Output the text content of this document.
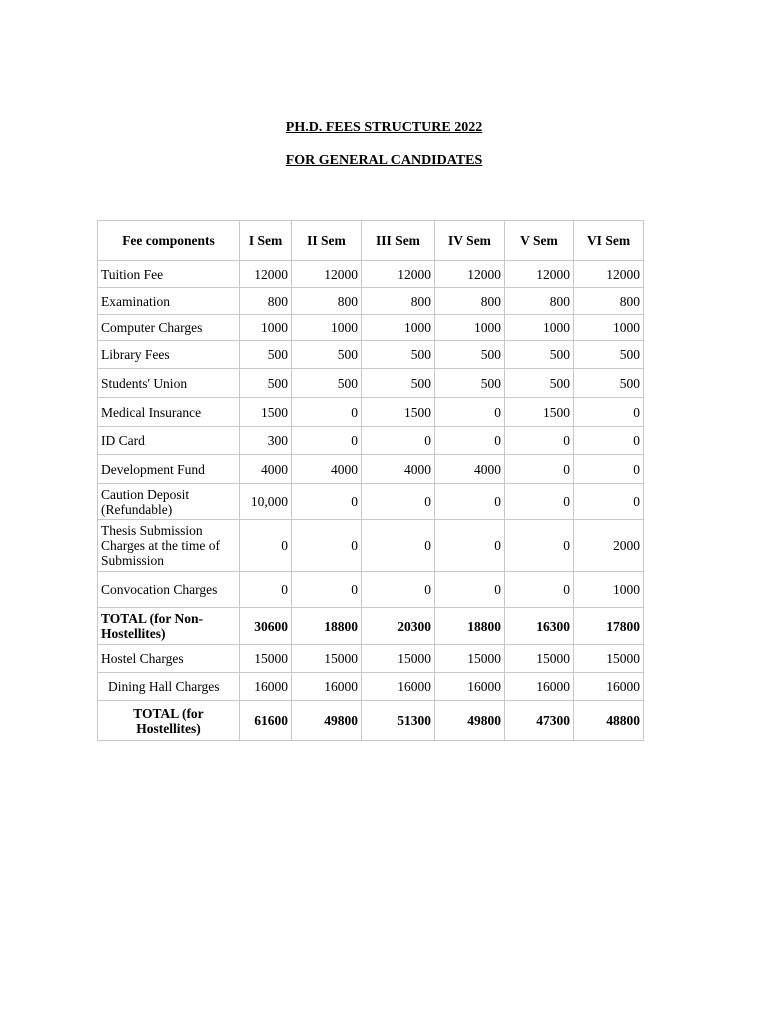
PH.D. FEES STRUCTURE 2022
FOR GENERAL CANDIDATES
Fee components	I Sem	II Sem	III Sem	IV Sem	V Sem	VI Sem
Tuition Fee	12000	12000	12000	12000	12000	12000
Examination	800	800	800	800	800	800
Computer Charges	1000	1000	1000	1000	1000	1000
Library Fees	500	500	500	500	500	500
Students' Union	500	500	500	500	500	500
Medical Insurance	1500	0	1500	0	1500	0
ID Card	300	0	0	0	0	0
Development Fund	4000	4000	4000	4000	0	0
Caution Deposit (Refundable)	10,000	0	0	0	0	0
Thesis Submission Charges at the time of Submission	0	0	0	0	0	2000
Convocation Charges	0	0	0	0	0	1000
TOTAL (for Non-Hostellites)	30600	18800	20300	18800	16300	17800
Hostel Charges	15000	15000	15000	15000	15000	15000
Dining Hall Charges	16000	16000	16000	16000	16000	16000
TOTAL (for Hostellites)	61600	49800	51300	49800	47300	48800
